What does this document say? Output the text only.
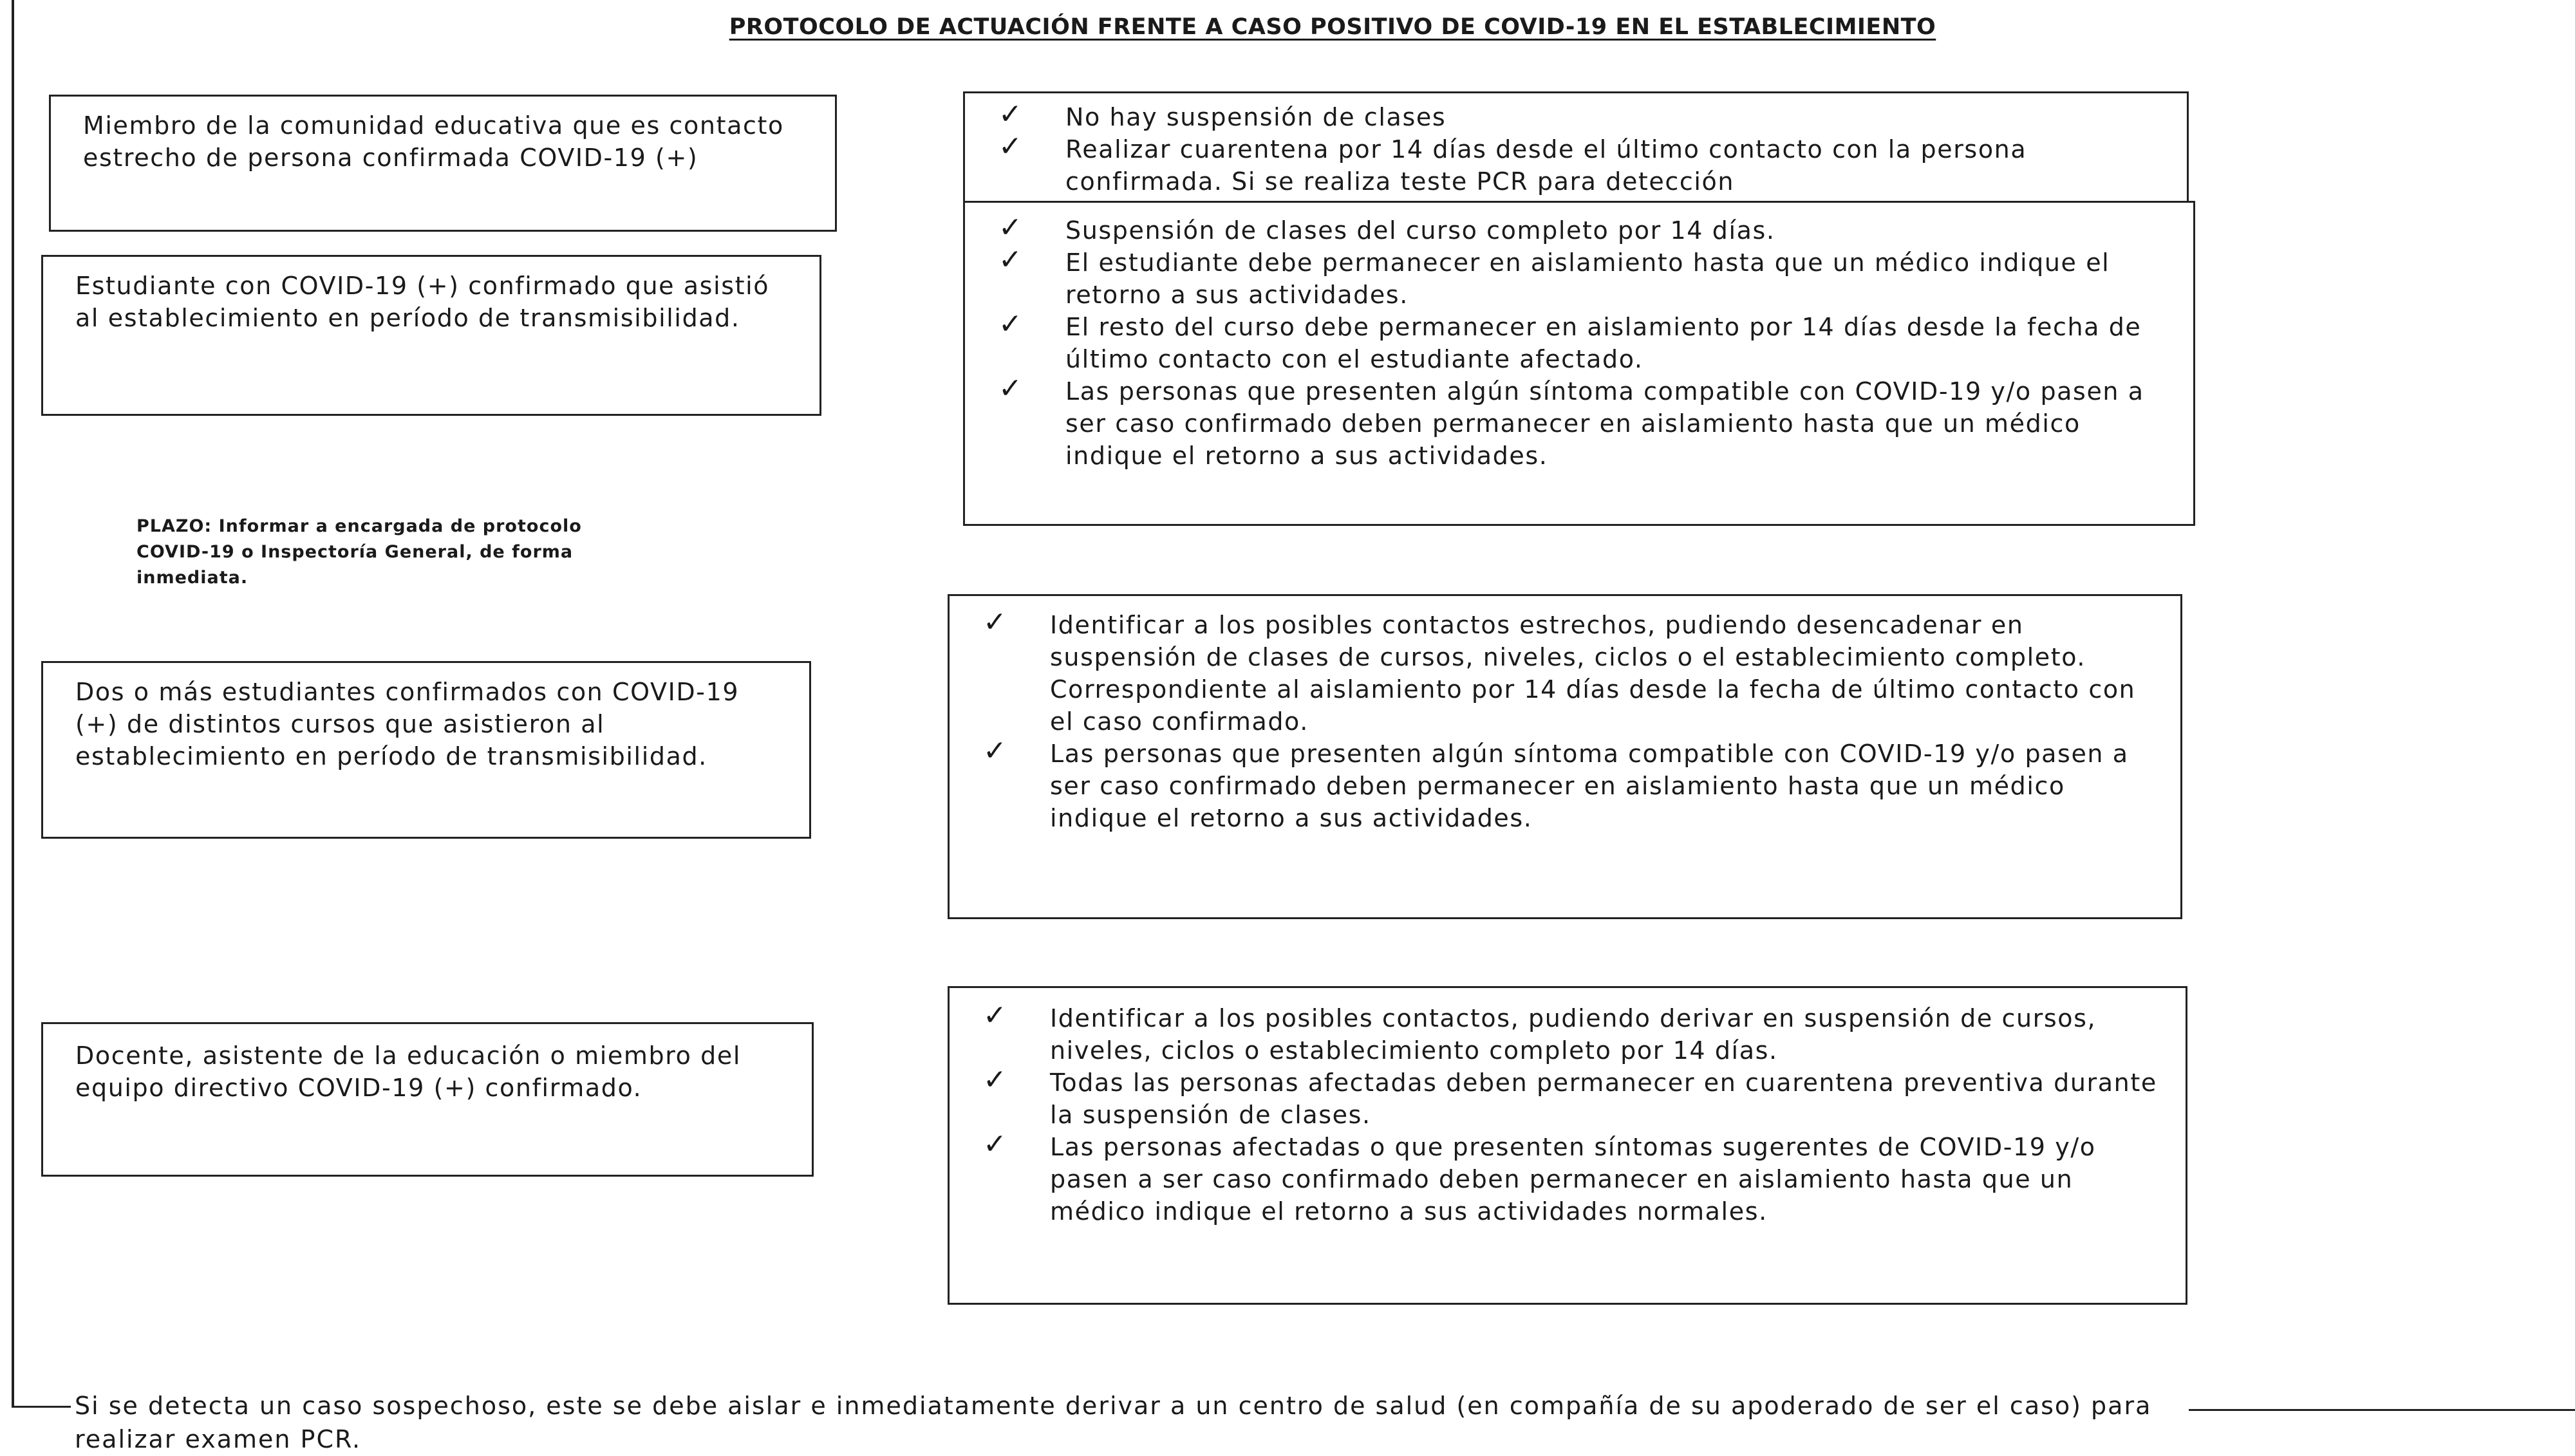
PROTOCOLO DE ACTUACIÓN FRENTE A CASO POSITIVO DE COVID-19 EN EL ESTABLECIMIENTO
Miembro de la comunidad educativa que es contacto estrecho de persona confirmada COVID-19 (+)
✓ No hay suspensión de clases
✓ Realizar cuarentena por 14 días desde el último contacto con la persona confirmada. Si se realiza teste PCR para detección
Estudiante con COVID-19 (+) confirmado que asistió al establecimiento en período de transmisibilidad.
✓ Suspensión de clases del curso completo por 14 días.
✓ El estudiante debe permanecer en aislamiento hasta que un médico indique el retorno a sus actividades.
✓ El resto del curso debe permanecer en aislamiento por 14 días desde la fecha de último contacto con el estudiante afectado.
✓ Las personas que presenten algún síntoma compatible con COVID-19 y/o pasen a ser caso confirmado deben permanecer en aislamiento hasta que un médico indique el retorno a sus actividades.
PLAZO: Informar a encargada de protocolo COVID-19 o Inspectoría General, de forma inmediata.
Dos o más estudiantes confirmados con COVID-19 (+) de distintos cursos que asistieron al establecimiento en período de transmisibilidad.
✓ Identificar a los posibles contactos estrechos, pudiendo desencadenar en suspensión de clases de cursos, niveles, ciclos o el establecimiento completo. Correspondiente al aislamiento por 14 días desde la fecha de último contacto con el caso confirmado.
✓ Las personas que presenten algún síntoma compatible con COVID-19 y/o pasen a ser caso confirmado deben permanecer en aislamiento hasta que un médico indique el retorno a sus actividades.
Docente, asistente de la educación o miembro del equipo directivo COVID-19 (+) confirmado.
✓ Identificar a los posibles contactos, pudiendo derivar en suspensión de cursos, niveles, ciclos o establecimiento completo por 14 días.
✓ Todas las personas afectadas deben permanecer en cuarentena preventiva durante la suspensión de clases.
✓ Las personas afectadas o que presenten síntomas sugerentes de COVID-19 y/o pasen a ser caso confirmado deben permanecer en aislamiento hasta que un médico indique el retorno a sus actividades normales.
Si se detecta un caso sospechoso, este se debe aislar e inmediatamente derivar a un centro de salud (en compañía de su apoderado de ser el caso) para realizar examen PCR.
